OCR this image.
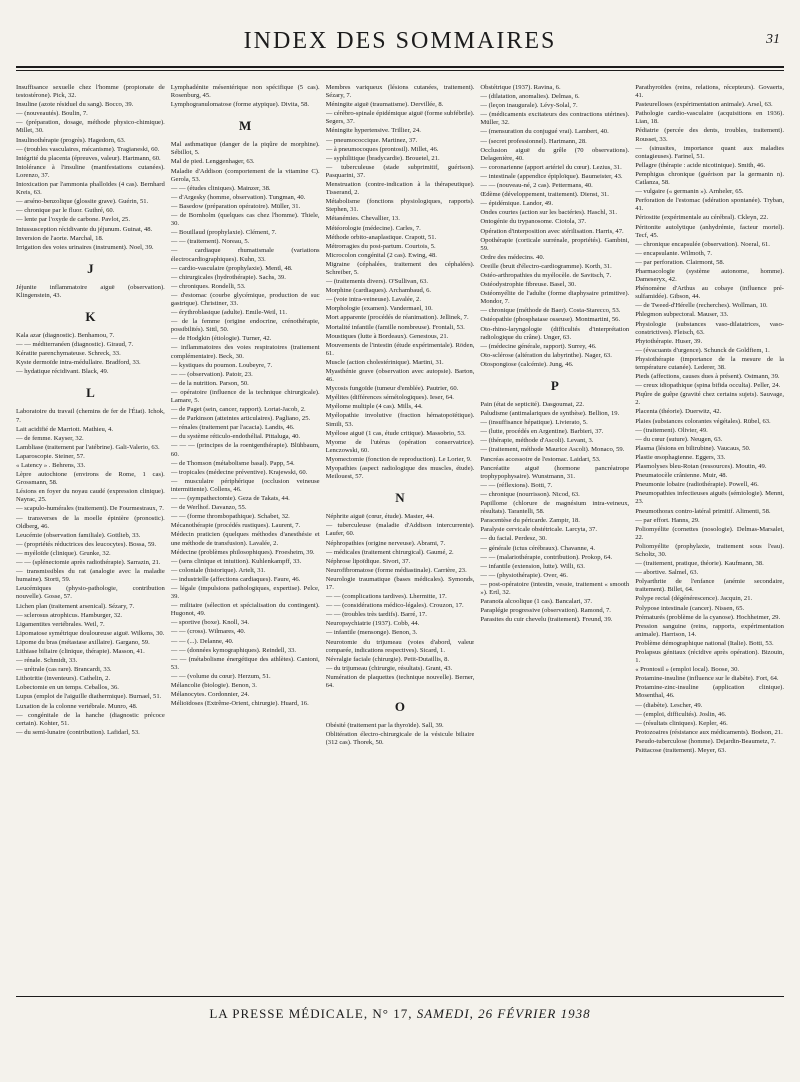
INDEX DES SOMMAIRES	31

Insuffisance sexuelle chez l'homme (propionate de testostérone). Pick, 32.

Insuline (azote résiduel du sang). Bocco, 39.

— (nouveautés). Boulin, 7.

— (préparation, dosage, méthode physico-chimique). Millet, 30.

Insulinothérapie (progrès). Hagedorn, 63.

— (troubles vasculaires, mécanisme). Tragianeski, 60.

Intégrité du placenta (épreuves, valeur). Hartmann, 60.

Intolérance à l'insuline (manifestations cutanées). Lorenzo, 37.

Intoxication par l'ammonia phalloïdes (4 cas). Bernhard Kreis, 63.

— arséno-benzolique (glossite grave). Guérin, 51.

— chronique par le fluor. Guthré, 60.

— lente par l'oxyde de carbone. Pavlot, 25.

Intussusception récidivante du jéjunum. Guinat, 48.

Inversion de l'aorte. Marchal, 18.

Irrigation des voies urinaires (instrument). Noel, 39.

J

Jéjunite inflammatoire aiguë (observation). Klingenstein, 43.

K

Kala azar (diagnostic). Benhamou, 7.

— — méditerranéen (diagnostic). Giraud, 7.

Kératite parenchymateuse. Schreck, 33.

Kyste dermoïde intra-médullaire. Bradford, 33.

— hydatique récidivant. Black, 49.

L

Laboratoire du travail (chemins de fer de l'État). Ichok, 7.

Lait acidifié de Marriott. Mathieu, 4.

— de femme. Kayser, 32.

Lambliase (traitement par l'atébrine). Gali-Valerio, 63.

Laparoscopie. Steiner, 57.

« Latency » . Behrens, 33.

Lèpre autochtone (environs de Rome, 1 cas). Grossmann, 58.

Lésions en foyer du noyau caudé (expression clinique). Nayrac, 25.

— scapulo-humérales (traitement). De Fourmestraux, 7.

— transverses de la moelle épinière (pronostic). Oldberg, 46.

Leucémie (observation familiale). Gottlieb, 33.

— (propriétés réductrices des leucocytes). Bossa, 59.

— myéloïde (clinique). Grunke, 32.

— — (splénectomie après radiothérapie). Sarrazin, 21.

— transmissibles du rat (analogie avec la maladie humaine). Storti, 59.

Leucémiques (physio-pathologie, contribution nouvelle). Gosse, 57.

Lichen plan (traitement arsenical). Sézary, 7.

— sclerosus atrophicus. Hamburger, 32.

Ligamentites vertébrales. Weil, 7.

Lipomatose symétrique douloureuse aiguë. Wilkens, 30.

Lipome du bras (métastase axillaire). Gargano, 59.

Lithiase biliaire (clinique, thérapie). Masson, 41.

— rénale. Schmidt, 33.

— urétrale (cas rare). Brancardi, 33.

Lithotritie (inventeurs). Cathelin, 2.

Lobectomie en un temps. Ceballos, 36.

Lupus (emploi de l'aiguille diathermique). Burnael, 51.

Luxation de la colonne vertébrale. Munro, 48.

— congénitale de la hanche (diagnostic précoce certain). Kohter, 51.

— du semi-lunaire (contribution). Lafidarl, 53.

Lymphadénite mésentérique non spécifique (5 cas). Rosenburg, 45.

Lymphogranulomatose (forme atypique). Divita, 58.

M

Mal asthmatique (danger de la piqûre de morphine). Sébillot, 5.

Mal de pied. Lenggenhager, 63.

Maladie d'Addison (comportement de la vitamine C). Gerola, 53.

— — (études cliniques). Mainzer, 38.

— d'Argesky (homme, observation). Tungman, 40.

— Basedow (préparation opératoire). Müller, 31.

— de Bornholm (quelques cas chez l'homme). Thiele, 30.

— Bouillaud (prophylaxie). Clément, 7.

— — (traitement). Noreau, 5.

— cardiaque rhumatismale (variations électrocardiographiques). Kuhn, 33.

— cardio-vasculaire (prophylaxie). Mentl, 48.

— chirurgicales (hydrothérapie). Sachs, 39.

— chroniques. Rondelli, 53.

— d'estomac (courbe glycémique, production de suc gastrique). Christiner, 33.

— érythroblasique (adulte). Emile-Weil, 11.

— de la femme (origine endocrine, crénothérapie, possibilités). Sittl, 50.

— de Hodgkin (étiologie). Turner, 42.

— inflammatoires des voies respiratoires (traitement complémentaire). Beck, 30.

— kystiques du poumon. Loubeyre, 7.

— — (observation). Patoir, 23.

— de la nutrition. Parson, 50.

— opératoire (influence de la technique chirurgicale). Lamare, 5.

— de Paget (sein, cancer, rapport). Lortat-Jacob, 2.

— de Parkinson (atteintes articulaires). Pagliano, 25.

— rénales (traitement par l'acacia). Landis, 46.

— du système réticulo-endothélial. Pittaluga, 40.

— — — (principes de la roentgenthérapie). Blühbaum, 60.

— de Thomson (métabolisme basal). Papp, 54.

— tropicales (médecine préventive). Krajewski, 60.

— musculaire périphérique (occlusion veineuse intermittente). Collens, 46.

— — (sympathectomie). Geza de Takats, 44.

— de Werlhof. Davanzo, 55.

— — (forme thrombopathique). Schabet, 32.

Mécanothérapie (procédés rustiques). Laurent, 7.

Médecin praticien (quelques méthodes d'anesthésie et une méthode de transfusion). Lavalée, 2.

Médecine (problèmes philosophiques). Froesheim, 39.

— (sens clinique et intuition). Kuhlenkampff, 33.

— coloniale (historique). Artelt, 31.

— industrielle (affections cardiaques). Faure, 46.

— légale (impulsions pathologiques, expertise). Pelce, 39.

— militaire (sélection et spécialisation du contingent). Hugonot, 49.

— sportive (boxe). Knoll, 34.

— — (cross). Wilmares, 40.

— — (...). Delanne, 40.

— — (données kymographiques). Reindell, 33.

— — (métabolisme énergétique des athlètes). Cantoni, 53.

— — (volume du cœur). Herzum, 51.

Mélancolie (biologie). Benon, 3.

Mélanocytes. Cordonnier, 24.

Mélioïdoses (Extrême-Orient, chirurgie). Huard, 16.

Membres variqueux (lésions cutanées, traitement). Sézary, 7.

Méningite aiguë (traumatisme). Dervillée, 8.

— cérébro-spinale épidémique aiguë (forme subfébrile). Segers, 37.

Méningite hypertensive. Trillier, 24.

— pneumococcique. Martinez, 37.

— à pneumocoques (prontosil). Millet, 46.

— syphilitique (bradycardie). Brouetel, 21.

— tuberculeuse (stade subprimitif, guérison). Pasquarini, 37.

Menstruation (contre-indication à la thérapeutique). Tisserand, 2.

Métabolisme (fonctions physiologiques, rapports). Stephen, 31.

Métanémies. Chevallier, 13.

Météorologie (médecine). Carles, 7.

Méthode orbito-anaplastique. Crapott, 51.

Métrorragies du post-partum. Courtois, 5.

Microcolon congénital (2 cas). Ewing, 48.

Migraine (céphalées, traitement des céphalées). Schreiber, 5.

— (traitements divers). O'Sullivan, 63.

Morphine (cardiaques). Archambaud, 6.

— (voie intra-veineuse). Lavalée, 2.

Morphologie (examen). Vandermael, 10.

Mort apparente (procédés de réanimation). Jellinek, 7.

Mortalité infantile (famille nombreuse). Frontali, 53.

Moustiques (lutte à Bordeaux). Genestous, 21.

Mouvements de l'intestin (étude expérimentale). Röden, 61.

Muscle (action cholestérinique). Martini, 31.

Myasthénie grave (observation avec autopsie). Barton, 46.

Mycosis fungoïde (tumeur d'emblée). Pautrier, 60.

Myélites (différences séméiologiques). Ieser, 64.

Myélome multiple (4 cas). Mills, 44.

Myélopathie involutive (fraction hématopoïétique). Simili, 53.

Myélose aiguë (1 cas, étude critique). Massobrio, 53.

Myome de l'utérus (opération conservatrice). Lenczowski, 60.

Myomectomie (fonction de reproduction). Le Lorier, 9.

Myopathies (aspect radiologique des muscles, étude). Meilouest, 57.

N

Néphrite aiguë (cœur, étude). Master, 44.

— tuberculeuse (maladie d'Addison intercurrente). Laufer, 60.

Néphropathies (origine nerveuse). Abrami, 7.

— médicales (traitement chirurgical). Gaumé, 2.

Néphrose lipoïdique. Sivori, 37.

Neurofibromatose (forme médiastinale). Carrière, 23.

Neurologie traumatique (bases médicales). Symonds, 17.

— — (complications tardives). Lhermitte, 17.

— — (considérations médico-légales). Crouzon, 17.

— — (troubles très tardifs). Barré, 17.

Neuropsychiatrie (1937). Cobb, 44.

— infantile (mensonge). Benon, 3.

Neurotomie du trijumeau (voies d'abord, valeur comparée, indications respectives). Sicard, 1.

Névralgie faciale (chirurgie). Petit-Dutaillis, 8.

— du trijumeau (chirurgie, résultats). Grant, 43.

Numération de plaquettes (technique nouvelle). Berner, 64.

O

Obésité (traitement par la thyroïde). Sall, 39.

Oblitération électro-chirurgicale de la vésicule biliaire (312 cas). Thorek, 50.

Obstétrique (1937). Ravina, 6.

— (dilatation, anomalies). Delmas, 6.

— (leçon inaugurale). Lévy-Solal, 7.

— (médicaments excitateurs des contractions utérines). Müller, 32.

— (mensuration du conjugué vrai). Lambert, 40.

— (secret professionnel). Hartmann, 28.

Occlusion aiguë du grêle (70 observations). Delagenière, 40.

— coronarienne (apport artériel du cœur). Lezius, 31.

— intestinale (appendice épiploïque). Baumeister, 43.

— — (nouveau-né, 2 cas). Pettermans, 40.

Œdème (développement, traitement). Dienst, 31.

— épidémique. Landor, 49.

Ondes courtes (action sur les bactéries). Haschl, 31.

Ontogénie du trypanosome. Ciotola, 37.

Opération d'interposition avec stérilisation. Harris, 47.

Opothérapie (corticale surrénale, propriétés). Gambini, 59.

Ordre des médecins. 40.

Oreille (bruit d'électro-cardiogramme). Korth, 31.

Ostéo-arthropathies du myélocèle. de Savitsch, 7.

Ostéodystrophie fibreuse. Basel, 30.

Ostéomyélite de l'adulte (forme diaphysaire primitive). Mondor, 7.

— chronique (méthode de Baer). Costa-Starecco, 53.

Ostéopathie (phosphatase osseuse). Montmartini, 56.

Oto-rhino-laryngologie (difficultés d'interprétation radiologique du crâne). Unger, 63.

— (médecine générale, rapport). Surrey, 46.

Oto-sclérose (altération du labyrinthe). Nager, 63.

Otospongiose (calcémie). Jung, 46.

P

Pain (état de septicité). Dasgoumat, 22.

Paludisme (antimalariques de synthèse). Bellion, 19.

— (insuffisance hépatique). Livierato, 5.

— (lutte, procédés en Argentine). Barbieri, 37.

— (thérapie, méthode d'Ascoli). Levant, 3.

— (traitement, méthode Maurice Ascoli). Monaco, 59.

Pancréas accessoire de l'estomac. Laidari, 53.

Pancréatite aiguë (hormone pancréatrope trophypophysaire). Wunstmann, 31.

— — (réflexions). Botti, 7.

— chronique (nourrisson). Nicod, 63.

Papillome (chlorure de magnésium intra-veineux, résultats). Tarantelli, 58.

Paracentèse du péricarde. Zampir, 18.

Paralysie cervicale obstétricale. Larcyta, 37.

— du facial. Perdesz, 30.

— générale (ictus cérébraux). Chavanne, 4.

— — (malariothérapie, contribution). Prokop, 64.

— infantile (extension, lutte). Willi, 63.

— — (physiothérapie). Over, 46.

— post-opératoire (intestin, vessie, traitement « smooth »). Ertl, 32.

Paranoïa alcoolique (1 cas). Bancalari, 37.

Paraplégie progressive (observation). Ramond, 7.

Parasites du cuir chevelu (traitement). Freund, 39.

Parathyroïdes (reins, relations, récepteurs). Govaerts, 41.

Pasteurelloses (expérimentation animale). Arsel, 63.

Pathologie cardio-vasculaire (acquisitions en 1936). Lian, 18.

Pédiatrie (percée des dents, troubles, traitement). Rousset, 33.

— (sinusites, importance quant aux maladies contagieuses). Farinel, 51.

Pellagre (thérapie : acide nicotinique). Smith, 46.

Pemphigus chronique (guérison par la germanin n). Catlanza, 58.

— vulgaire (« germanin »). Arnheler, 65.

Perforation de l'estomac (sdération spontanée). Tryban, 41.

Périostite (expérimentale au cérébral). Ckleyn, 22.

Péritonite autolytique (anhydrémie, facteur mortel). Tecf, 45.

— chronique encapsulée (observation). Noeral, 61.

— encapsulante. Wilmoth, 7.

— par perforation. Clairmont, 58.

Pharmacologie (système autonome, homme). Dameseryx, 42.

Phénomène d'Arthus au cobaye (influence pré-sulfamidée). Gibson, 44.

— de Tweed-d'Hérelle (recherches). Wollman, 10.

Phlegmon subpectoral. Mauser, 33.

Physiologie (substances vaso-dilatatrices, vaso-constrictives). Fleisch, 63.

Phytothérapie. Huser, 39.

— (évacuants d'urgence). Schunck de Goldfiem, 1.

Physiothérapie (importance de la mesure de la température cutanée). Lederer, 38.

Pieds (affections, causes dues à présent). Ostmann, 39.

— creux idiopathique (spina bifida occulta). Peller, 24.

Piqûre de guêpe (gravité chez certains sujets). Sauvage, 2.

Placenta (théorie). Duerwitz, 42.

Plaies (substances colorantes végétales). Rübel, 63.

— (traitement). Olivier, 49.

— du cœur (suture). Neugen, 63.

Plasma (lésions en bilirubine). Vaucaus, 50.

Plastie œsophagienne. Eggers, 33.

Plasmolyses bleu-Rotan (ressources). Moutin, 49.

Pneumatocèle crânienne. Muir, 48.

Pneumonie lobaire (radiothérapie). Powell, 46.

Pneumopathies infectieuses aiguës (sémiologie). Mennt, 23.

Pneumothorax contro-latéral primitif. Alimenti, 58.

— par effort. Hanns, 29.

Poliomyélite (cornettes (nosologie). Delmas-Marsalet, 22.

Poliomyélite (prophylaxie, traitement sous l'eau). Scholtz, 30.

— (traitement, pratique, théorie). Kaufmann, 38.

— abortive. Salmel, 63.

Polyarthrite de l'enfance (anémie secondaire, traitement). Billet, 64.

Polype rectal (dégénérescence). Jacquin, 21.

Polypose intestinale (cancer). Nissen, 65.

Prématurés (problème de la cyanose). Hochheimer, 29.

Pression sanguine (reins, rapports, expérimentation animale). Harrison, 14.

Problème démographique national (Italie). Botti, 53.

Prolapsus génitaux (récidive après opération). Bizouin, 1.

« Prontosil » (emploi local). Boose, 30.

Protamine-insuline (influence sur le diabète). Fort, 64.

Protamine-zinc-insuline (application clinique). Mosenthal, 46.

— (diabète). Lescher, 49.

— (emploi, difficultés). Joslin, 46.

— (résultats cliniques). Kepler, 46.

Protozoaires (résistance aux médicaments). Bodson, 21.

Pseudo-tuberculose (homme). Dejardin-Beaumetz, 7.

Psittacose (traitement). Meyer, 63.

LA PRESSE MÉDICALE, N° 17, SAMEDI, 26 FÉVRIER 1938
